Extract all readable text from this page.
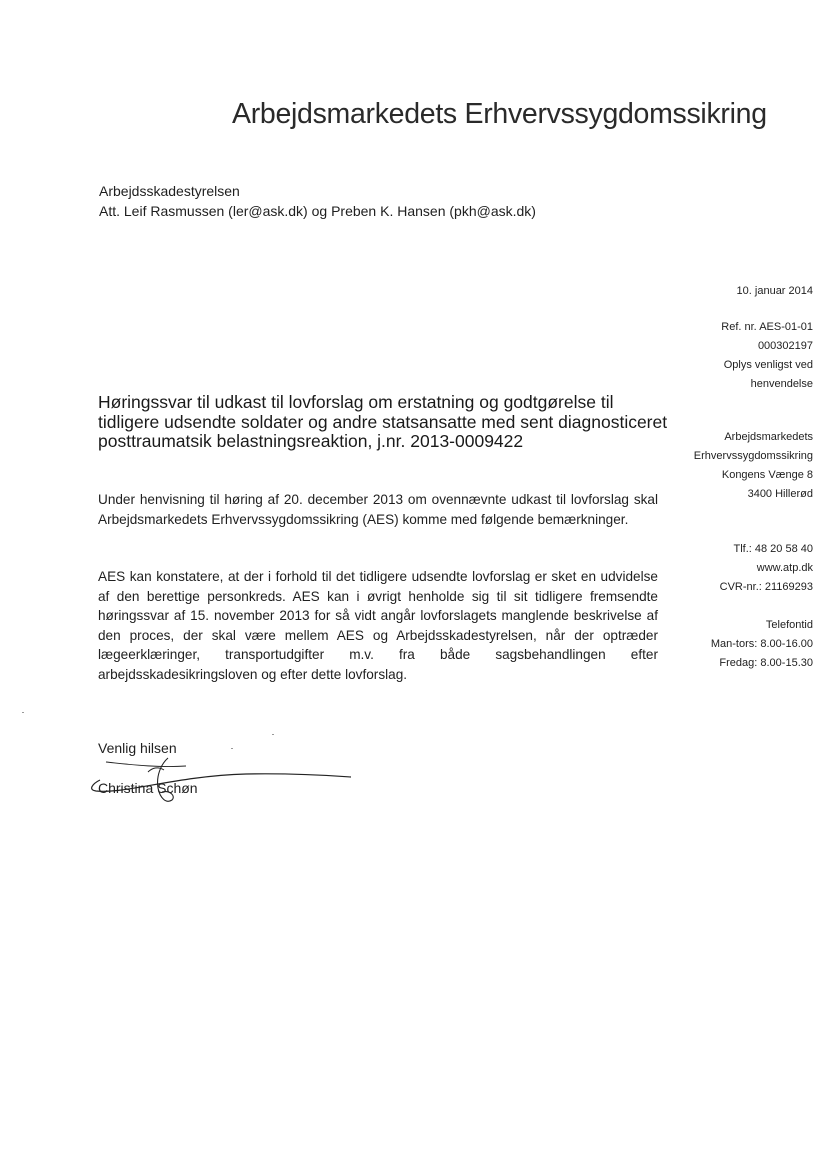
Arbejdsmarkedets Erhvervssygdomssikring
Arbejdsskadestyrelsen
Att. Leif Rasmussen (ler@ask.dk) og Preben K. Hansen (pkh@ask.dk)
10. januar 2014
Ref. nr. AES-01-01
000302197
Oplys venligst ved
henvendelse
Arbejdsmarkedets
Erhvervssygdomssikring
Kongens Vænge 8
3400 Hillerød
Tlf.: 48 20 58 40
www.atp.dk
CVR-nr.: 21169293
Telefontid
Man-tors: 8.00-16.00
Fredag: 8.00-15.30
Høringssvar til udkast til lovforslag om erstatning og godtgørelse til tidligere udsendte soldater og andre statsansatte med sent diagnosticeret posttraumatsik belastningsreaktion, j.nr. 2013-0009422
Under henvisning til høring af 20. december 2013 om ovennævnte udkast til lovforslag skal Arbejdsmarkedets Erhvervssygdomssikring (AES) komme med følgende bemærkninger.
AES kan konstatere, at der i forhold til det tidligere udsendte lovforslag er sket en udvidelse af den berettige personkreds. AES kan i øvrigt henholde sig til sit tidligere fremsendte høringssvar af 15. november 2013 for så vidt angår lovforslagets manglende beskrivelse af den proces, der skal være mellem AES og Arbejdsskadestyrelsen, når der optræder lægeerklæringer, transportudgifter m.v. fra både sagsbehandlingen efter arbejdsskadesikringsloven og efter dette lovforslag.
Venlig hilsen
Christina Schøn
